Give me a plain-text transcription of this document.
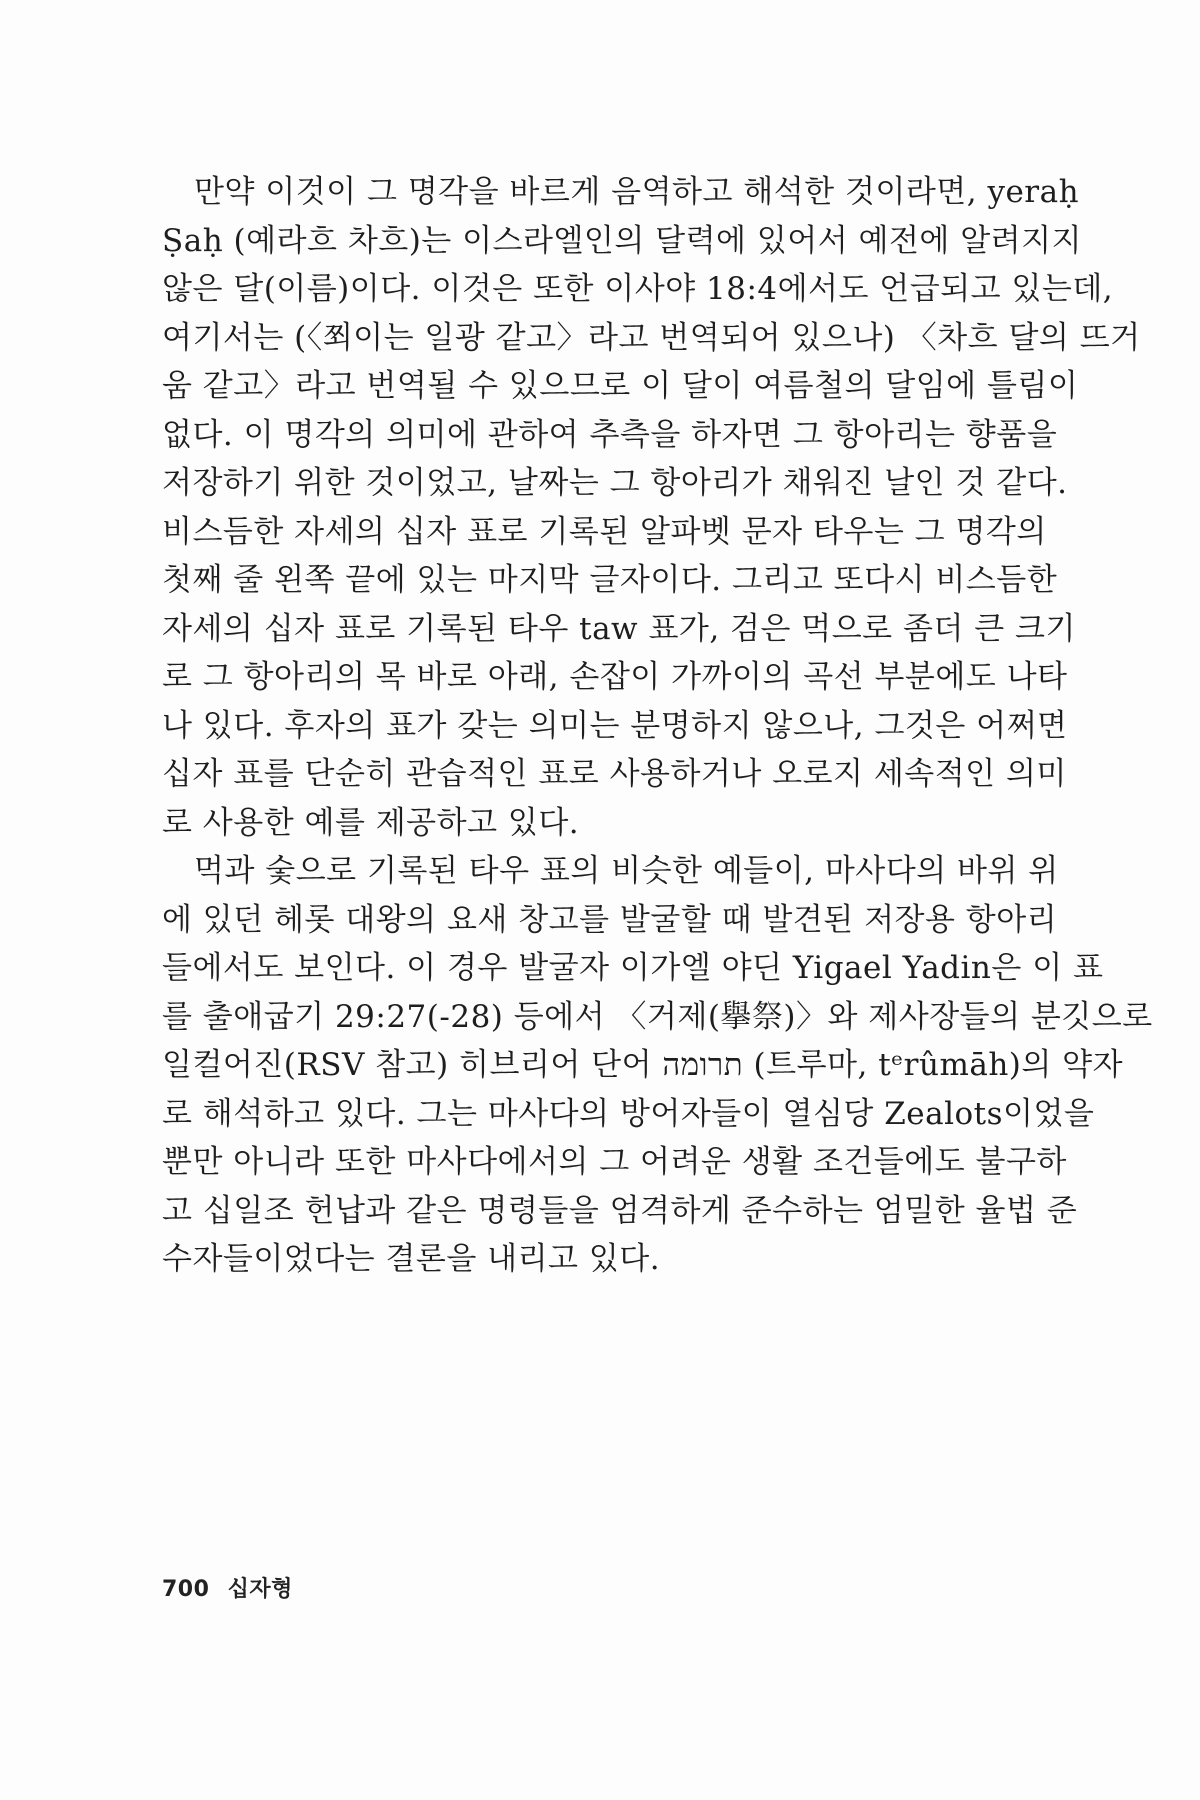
만약 이것이 그 명각을 바르게 음역하고 해석한 것이라면, yeraḥ
Ṣaḥ (예라흐 차흐)는 이스라엘인의 달력에 있어서 예전에 알려지지
않은 달(이름)이다. 이것은 또한 이사야 18:4에서도 언급되고 있는데,
여기서는 (〈쬐이는 일광 같고〉라고 번역되어 있으나) 〈차흐 달의 뜨거
움 같고〉라고 번역될 수 있으므로 이 달이 여름철의 달임에 틀림이
없다. 이 명각의 의미에 관하여 추측을 하자면 그 항아리는 향품을
저장하기 위한 것이었고, 날짜는 그 항아리가 채워진 날인 것 같다.
비스듬한 자세의 십자 표로 기록된 알파벳 문자 타우는 그 명각의
첫째 줄 왼쪽 끝에 있는 마지막 글자이다. 그리고 또다시 비스듬한
자세의 십자 표로 기록된 타우 taw 표가, 검은 먹으로 좀더 큰 크기
로 그 항아리의 목 바로 아래, 손잡이 가까이의 곡선 부분에도 나타
나 있다. 후자의 표가 갖는 의미는 분명하지 않으나, 그것은 어쩌면
십자 표를 단순히 관습적인 표로 사용하거나 오로지 세속적인 의미
로 사용한 예를 제공하고 있다.

먹과 숯으로 기록된 타우 표의 비슷한 예들이, 마사다의 바위 위
에 있던 헤롯 대왕의 요새 창고를 발굴할 때 발견된 저장용 항아리
들에서도 보인다. 이 경우 발굴자 이가엘 야딘 Yigael Yadin은 이 표
를 출애굽기 29:27(-28) 등에서 〈거제(擧祭)〉와 제사장들의 분깃으로
일컬어진(RSV 참고) 히브리어 단어 תרומה (트루마, tᵉrûmāh)의 약자
로 해석하고 있다. 그는 마사다의 방어자들이 열심당 Zealots이었을
뿐만 아니라 또한 마사다에서의 그 어려운 생활 조건들에도 불구하
고 십일조 헌납과 같은 명령들을 엄격하게 준수하는 엄밀한 율법 준
수자들이었다는 결론을 내리고 있다.

700 십자형
